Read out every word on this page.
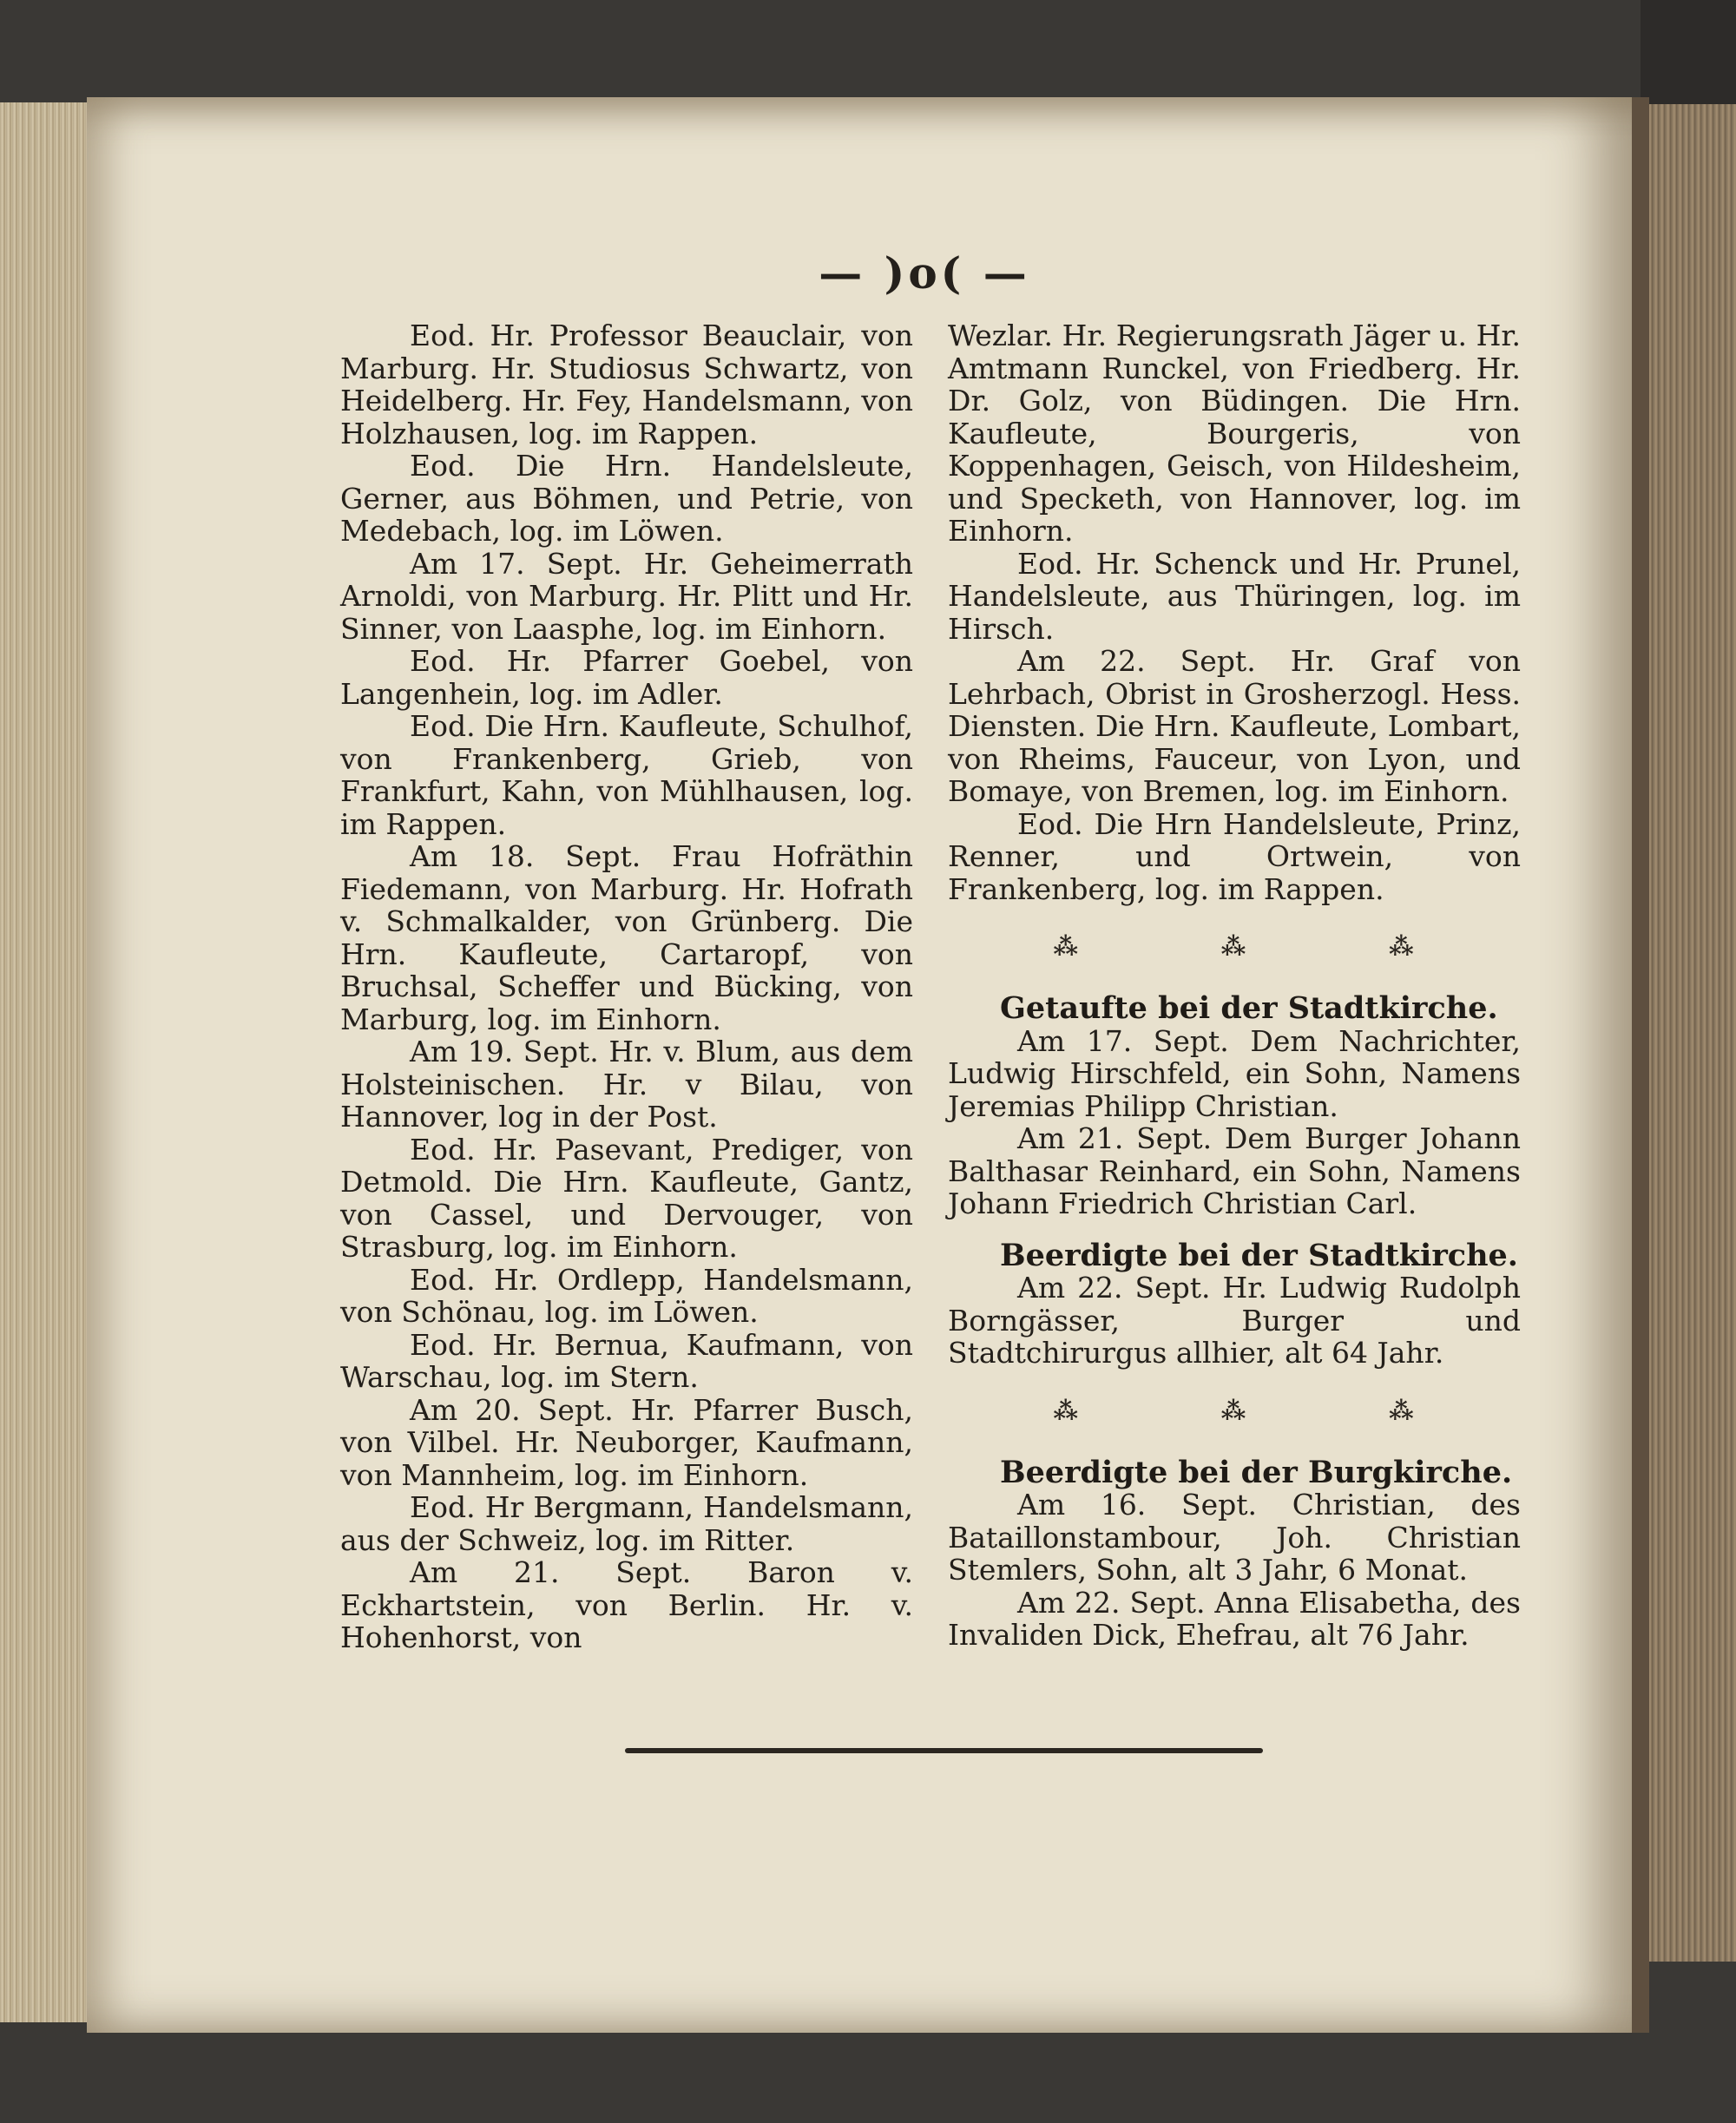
— )o( —

Eod. Hr. Professor Beauclair, von Marburg. Hr. Studiosus Schwartz, von Heidelberg. Hr. Fey, Handelsmann, von Holzhausen, log. im Rappen.

Eod. Die Hrn. Handelsleute, Gerner, aus Böhmen, und Petrie, von Medebach, log. im Löwen.

Am 17. Sept. Hr. Geheimerrath Arnoldi, von Marburg. Hr. Plitt und Hr. Sinner, von Laasphe, log. im Einhorn.

Eod. Hr. Pfarrer Goebel, von Langenhein, log. im Adler.

Eod. Die Hrn. Kaufleute, Schulhof, von Frankenberg, Grieb, von Frankfurt, Kahn, von Mühlhausen, log. im Rappen.

Am 18. Sept. Frau Hofräthin Fiedemann, von Marburg. Hr. Hofrath v. Schmalkalder, von Grünberg. Die Hrn. Kaufleute, Cartaropf, von Bruchsal, Scheffer und Bücking, von Marburg, log. im Einhorn.

Am 19. Sept. Hr. v. Blum, aus dem Holsteinischen. Hr. v Bilau, von Hannover, log in der Post.

Eod. Hr. Pasevant, Prediger, von Detmold. Die Hrn. Kaufleute, Gantz, von Cassel, und Dervouger, von Strasburg, log. im Einhorn.

Eod. Hr. Ordlepp, Handelsmann, von Schönau, log. im Löwen.

Eod. Hr. Bernua, Kaufmann, von Warschau, log. im Stern.

Am 20. Sept. Hr. Pfarrer Busch, von Vilbel. Hr. Neuborger, Kaufmann, von Mannheim, log. im Einhorn.

Eod. Hr Bergmann, Handelsmann, aus der Schweiz, log. im Ritter.

Am 21. Sept. Baron v. Eckhartstein, von Berlin. Hr. v. Hohenhorst, von

Wezlar. Hr. Regierungsrath Jäger u. Hr. Amtmann Runckel, von Friedberg. Hr. Dr. Golz, von Büdingen. Die Hrn. Kaufleute, Bourgeris, von Koppenhagen, Geisch, von Hildesheim, und Specketh, von Hannover, log. im Einhorn.

Eod. Hr. Schenck und Hr. Prunel, Handelsleute, aus Thüringen, log. im Hirsch.

Am 22. Sept. Hr. Graf von Lehrbach, Obrist in Grosherzogl. Hess. Diensten. Die Hrn. Kaufleute, Lombart, von Rheims, Fauceur, von Lyon, und Bomaye, von Bremen, log. im Einhorn.

Eod. Die Hrn Handelsleute, Prinz, Renner, und Ortwein, von Frankenberg, log. im Rappen.

⁂	⁂	⁂

Getaufte bei der Stadtkirche.

Am 17. Sept. Dem Nachrichter, Ludwig Hirschfeld, ein Sohn, Namens Jeremias Philipp Christian.

Am 21. Sept. Dem Burger Johann Balthasar Reinhard, ein Sohn, Namens Johann Friedrich Christian Carl.

Beerdigte bei der Stadtkirche.

Am 22. Sept. Hr. Ludwig Rudolph Borngässer, Burger und Stadtchirurgus allhier, alt 64 Jahr.

⁂	⁂	⁂

Beerdigte bei der Burgkirche.

Am 16. Sept. Christian, des Bataillonstambour, Joh. Christian Stemlers, Sohn, alt 3 Jahr, 6 Monat.

Am 22. Sept. Anna Elisabetha, des Invaliden Dick, Ehefrau, alt 76 Jahr.
